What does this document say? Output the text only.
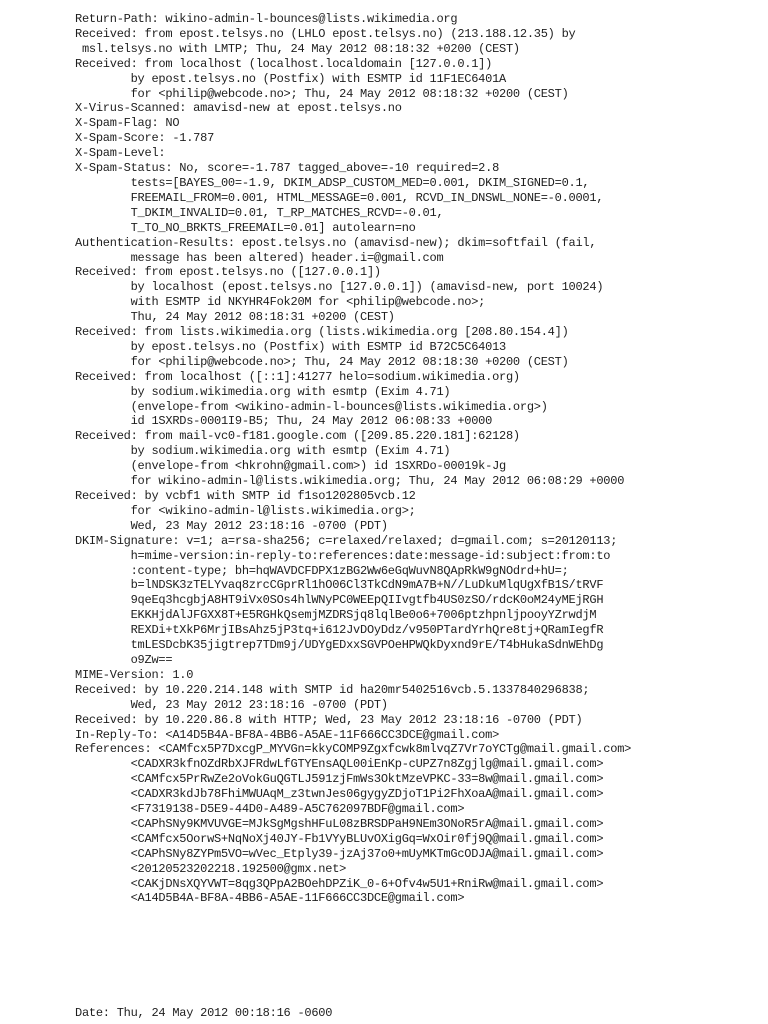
Return-Path: wikino-admin-l-bounces@lists.wikimedia.org
Received: from epost.telsys.no (LHLO epost.telsys.no) (213.188.12.35) by
msl.telsys.no with LMTP; Thu, 24 May 2012 08:18:32 +0200 (CEST)
Received: from localhost (localhost.localdomain [127.0.0.1])
by epost.telsys.no (Postfix) with ESMTP id 11F1EC6401A
for <philip@webcode.no>; Thu, 24 May 2012 08:18:32 +0200 (CEST)
X-Virus-Scanned: amavisd-new at epost.telsys.no
X-Spam-Flag: NO
X-Spam-Score: -1.787
X-Spam-Level:
X-Spam-Status: No, score=-1.787 tagged_above=-10 required=2.8
tests=[BAYES_00=-1.9, DKIM_ADSP_CUSTOM_MED=0.001, DKIM_SIGNED=0.1,
FREEMAIL_FROM=0.001, HTML_MESSAGE=0.001, RCVD_IN_DNSWL_NONE=-0.0001,
T_DKIM_INVALID=0.01, T_RP_MATCHES_RCVD=-0.01,
T_TO_NO_BRKTS_FREEMAIL=0.01] autolearn=no
Authentication-Results: epost.telsys.no (amavisd-new); dkim=softfail (fail,
message has been altered) header.i=@gmail.com
Received: from epost.telsys.no ([127.0.0.1])
by localhost (epost.telsys.no [127.0.0.1]) (amavisd-new, port 10024)
with ESMTP id NKYHR4Fok20M for <philip@webcode.no>;
Thu, 24 May 2012 08:18:31 +0200 (CEST)
Received: from lists.wikimedia.org (lists.wikimedia.org [208.80.154.4])
by epost.telsys.no (Postfix) with ESMTP id B72C5C64013
for <philip@webcode.no>; Thu, 24 May 2012 08:18:30 +0200 (CEST)
Received: from localhost ([::1]:41277 helo=sodium.wikimedia.org)
by sodium.wikimedia.org with esmtp (Exim 4.71)
(envelope-from <wikino-admin-l-bounces@lists.wikimedia.org>)
id 1SXRDs-0001I9-B5; Thu, 24 May 2012 06:08:33 +0000
Received: from mail-vc0-f181.google.com ([209.85.220.181]:62128)
by sodium.wikimedia.org with esmtp (Exim 4.71)
(envelope-from <hkrohn@gmail.com>) id 1SXRDo-00019k-Jg
for wikino-admin-l@lists.wikimedia.org; Thu, 24 May 2012 06:08:29 +0000
Received: by vcbf1 with SMTP id f1so1202805vcb.12
for <wikino-admin-l@lists.wikimedia.org>;
Wed, 23 May 2012 23:18:16 -0700 (PDT)
DKIM-Signature: v=1; a=rsa-sha256; c=relaxed/relaxed; d=gmail.com; s=20120113;
h=mime-version:in-reply-to:references:date:message-id:subject:from:to
:content-type; bh=hqWAVDCFDPX1zBG2Ww6eGqWuvN8QApRkW9gNOdrd+hU=;
b=lNDSK3zTELYvaq8zrcCGprRl1hO06Cl3TkCdN9mA7B+N//LuDkuMlqUgXfB1S/tRVF
9qeEq3hcgbjA8HT9iVx0SOs4hlWNyPC0WEEpQIIvgtfb4US0zSO/rdcK0oM24yMEjRGH
EKKHjdAlJFGXX8T+E5RGHkQsemjMZDRSjq8lqlBe0o6+7006ptzhpnljpooyYZrwdjM
REXDi+tXkP6MrjIBsAhz5jP3tq+i612JvDOyDdz/v950PTardYrhQre8tj+QRamIegfR
tmLESDcbK35jigtrep7TDm9j/UDYgEDxxSGVPOeHPWQkDyxnd9rE/T4bHukaSdnWEhDg
o9Zw==
MIME-Version: 1.0
Received: by 10.220.214.148 with SMTP id ha20mr5402516vcb.5.1337840296838;
Wed, 23 May 2012 23:18:16 -0700 (PDT)
Received: by 10.220.86.8 with HTTP; Wed, 23 May 2012 23:18:16 -0700 (PDT)
In-Reply-To: <A14D5B4A-BF8A-4BB6-A5AE-11F666CC3DCE@gmail.com>
References: <CAMfcx5P7DxcgP_MYVGn=kkyCOMP9Zgxfcwk8mlvqZ7Vr7oYCTg@mail.gmail.com>
<CADXR3kfnOZdRbXJFRdwLfGTYEnsAQL00iEnKp-cUPZ7n8Zgjlg@mail.gmail.com>
<CAMfcx5PrRwZe2oVokGuQGTLJ591zjFmWs3OktMzeVPKC-33=8w@mail.gmail.com>
<CADXR3kdJb78FhiMWUAqM_z3twnJes06gygyZDjoT1Pi2FhXoaA@mail.gmail.com>
<F7319138-D5E9-44D0-A489-A5C762097BDF@gmail.com>
<CAPhSNy9KMVUVGE=MJkSgMgshHFuL08zBRSDPaH9NEm3ONoR5rA@mail.gmail.com>
<CAMfcx5OorwS+NqNoXj40JY-Fb1VYyBLUvOXigGq=WxOir0fj9Q@mail.gmail.com>
<CAPhSNy8ZYPm5VO=wVec_Etply39-jzAj37o0+mUyMKTmGcODJA@mail.gmail.com>
<20120523202218.192500@gmx.net>
<CAKjDNsXQYVWT=8qg3QPpA2BOehDPZiK_0-6+Ofv4w5U1+RniRw@mail.gmail.com>
<A14D5B4A-BF8A-4BB6-A5AE-11F666CC3DCE@gmail.com>
Date: Thu, 24 May 2012 00:18:16 -0600
